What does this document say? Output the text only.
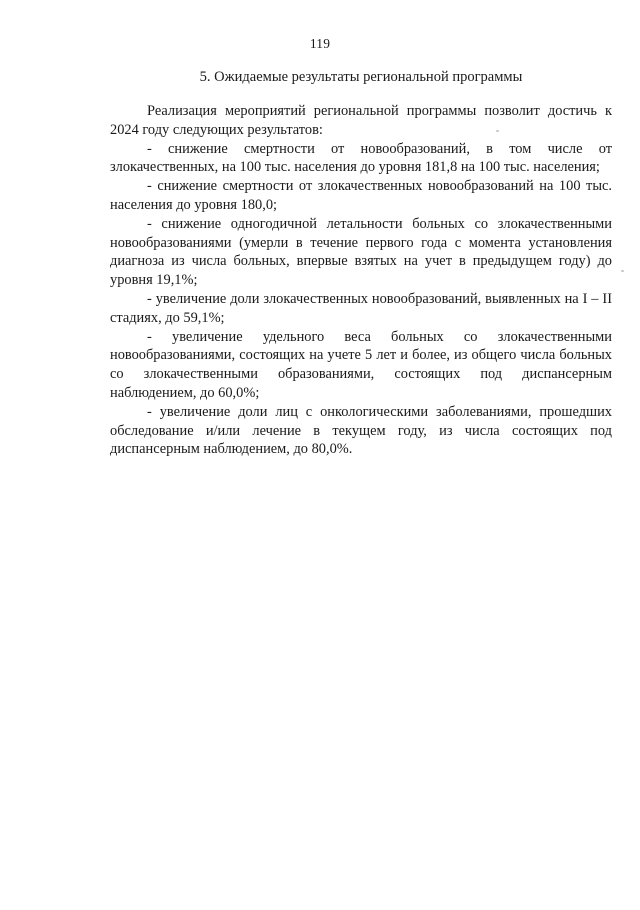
119
5. Ожидаемые результаты региональной программы

Реализация мероприятий региональной программы позволит достичь к 2024 году следующих результатов:

- снижение смертности от новообразований, в том числе от злокачественных, на 100 тыс. населения до уровня 181,8 на 100 тыс. населения;

- снижение смертности от злокачественных новообразований на 100 тыс. населения до уровня 180,0;

- снижение одногодичной летальности больных со злокачественными новообразованиями (умерли в течение первого года с момента установления диагноза из числа больных, впервые взятых на учет в предыдущем году) до уровня 19,1%;

- увеличение доли злокачественных новообразований, выявленных на I – II стадиях, до 59,1%;

- увеличение удельного веса больных со злокачественными новообразованиями, состоящих на учете 5 лет и более, из общего числа больных со злокачественными образованиями, состоящих под диспансерным наблюдением, до 60,0%;

- увеличение доли лиц с онкологическими заболеваниями, прошедших обследование и/или лечение в текущем году, из числа состоящих под диспансерным наблюдением, до 80,0%.
